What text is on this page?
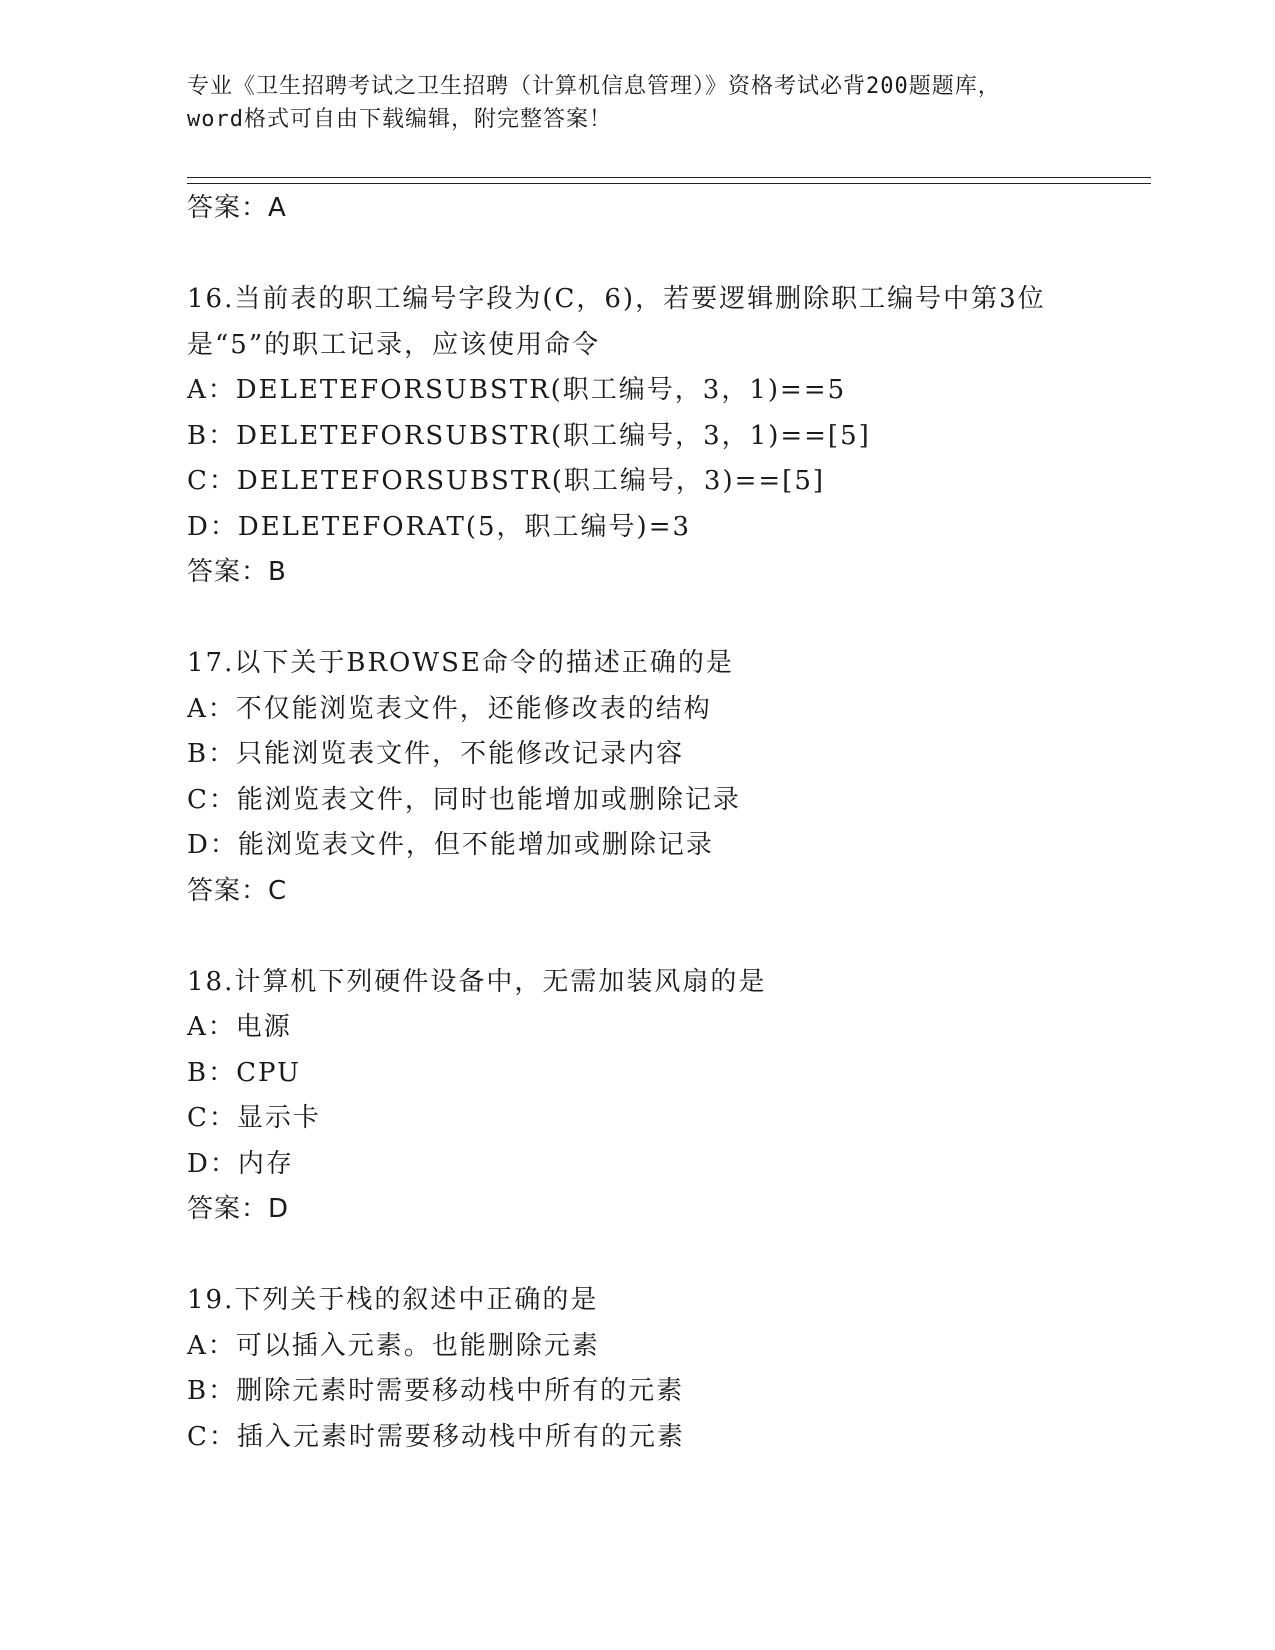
专业《卫生招聘考试之卫生招聘（计算机信息管理）》资格考试必背200题题库，
word格式可自由下载编辑，附完整答案！
答案：A
16.当前表的职工编号字段为(C，6)，若要逻辑删除职工编号中第3位
是“5”的职工记录，应该使用命令
A：DELETEFORSUBSTR(职工编号，3，1)==5
B：DELETEFORSUBSTR(职工编号，3，1)==[5]
C：DELETEFORSUBSTR(职工编号，3)==[5]
D：DELETEFORAT(5，职工编号)=3
答案：B
17.以下关于BROWSE命令的描述正确的是
A：不仅能浏览表文件，还能修改表的结构
B：只能浏览表文件，不能修改记录内容
C：能浏览表文件，同时也能增加或删除记录
D：能浏览表文件，但不能增加或删除记录
答案：C
18.计算机下列硬件设备中，无需加装风扇的是
A：电源
B：CPU
C：显示卡
D：内存
答案：D
19.下列关于栈的叙述中正确的是
A：可以插入元素。也能删除元素
B：删除元素时需要移动栈中所有的元素
C：插入元素时需要移动栈中所有的元素
